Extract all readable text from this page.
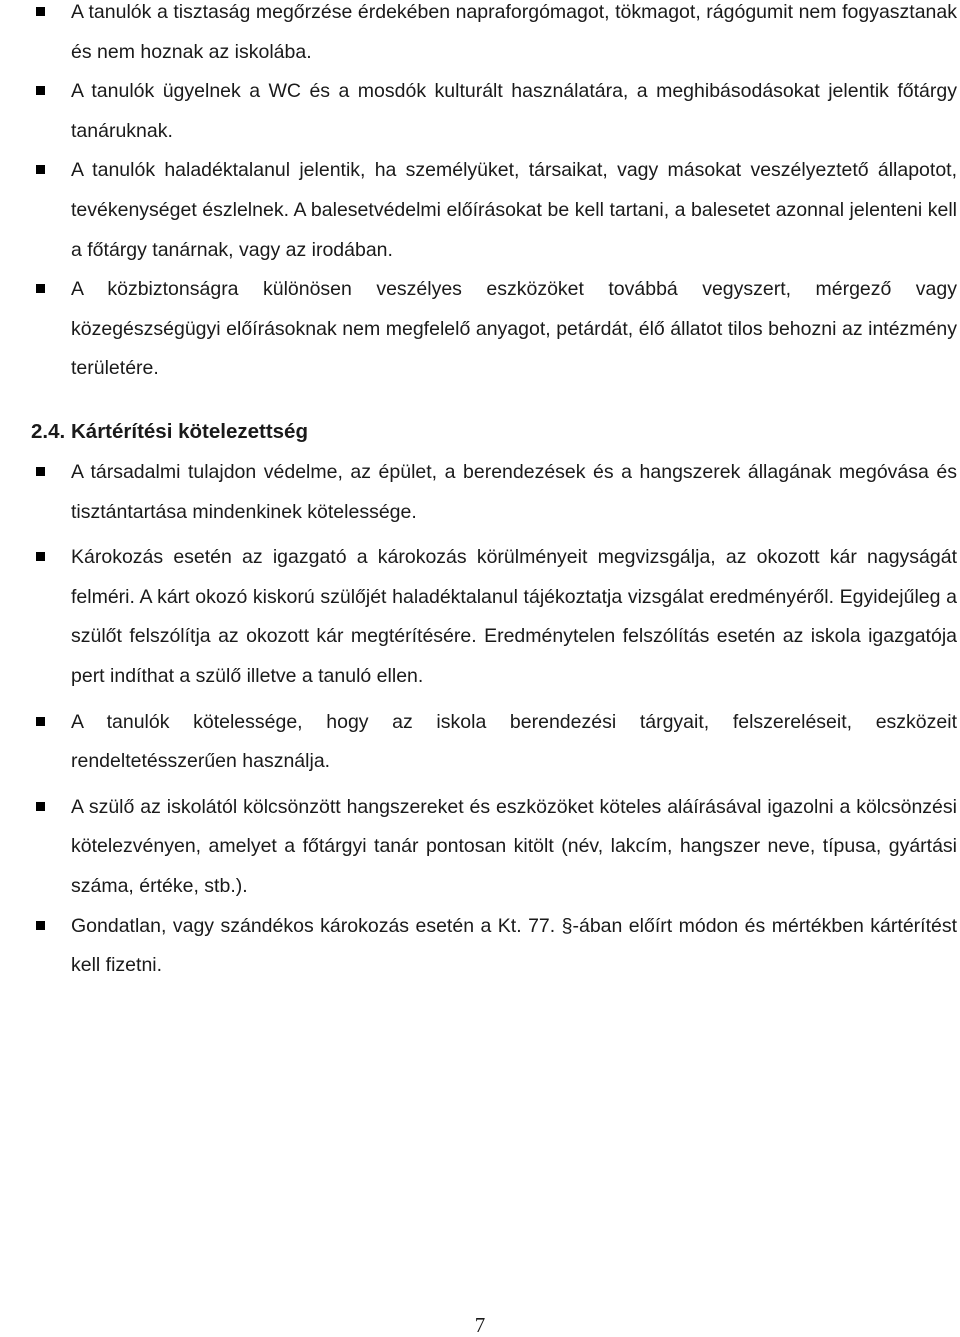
A tanulók a tisztaság megőrzése érdekében napraforgómagot, tökmagot, rágógumit nem fogyasztanak és nem hoznak az iskolába.
A tanulók ügyelnek a WC és a mosdók kulturált használatára, a meghibásodásokat jelentik főtárgy tanáruknak.
A tanulók haladéktalanul jelentik, ha személyüket, társaikat, vagy másokat veszélyeztető állapotot, tevékenységet észlelnek. A balesetvédelmi előírásokat be kell tartani, a balesetet azonnal jelenteni kell a főtárgy tanárnak, vagy az irodában.
A közbiztonságra különösen veszélyes eszközöket továbbá vegyszert, mérgező vagy közegészségügyi előírásoknak nem megfelelő anyagot, petárdát, élő állatot tilos behozni az intézmény területére.
2.4. Kártérítési kötelezettség
A társadalmi tulajdon védelme, az épület, a berendezések és a hangszerek állagának megóvása és tisztántartása mindenkinek kötelessége.
Károkozás esetén az igazgató a károkozás körülményeit megvizsgálja, az okozott kár nagyságát felméri. A kárt okozó kiskorú szülőjét haladéktalanul tájékoztatja vizsgálat eredményéről. Egyidejűleg a szülőt felszólítja az okozott kár megtérítésére. Eredménytelen felszólítás esetén az iskola igazgatója pert indíthat a szülő illetve a tanuló ellen.
A tanulók kötelessége, hogy az iskola berendezési tárgyait, felszereléseit, eszközeit rendeltetésszerűen használja.
A szülő az iskolától kölcsönzött hangszereket és eszközöket köteles aláírásával igazolni a kölcsönzési kötelezvényen, amelyet a főtárgyi tanár pontosan kitölt (név, lakcím, hangszer neve, típusa, gyártási száma, értéke, stb.).
Gondatlan, vagy szándékos károkozás esetén a Kt. 77. §-ában előírt módon és mértékben kártérítést kell fizetni.
7
